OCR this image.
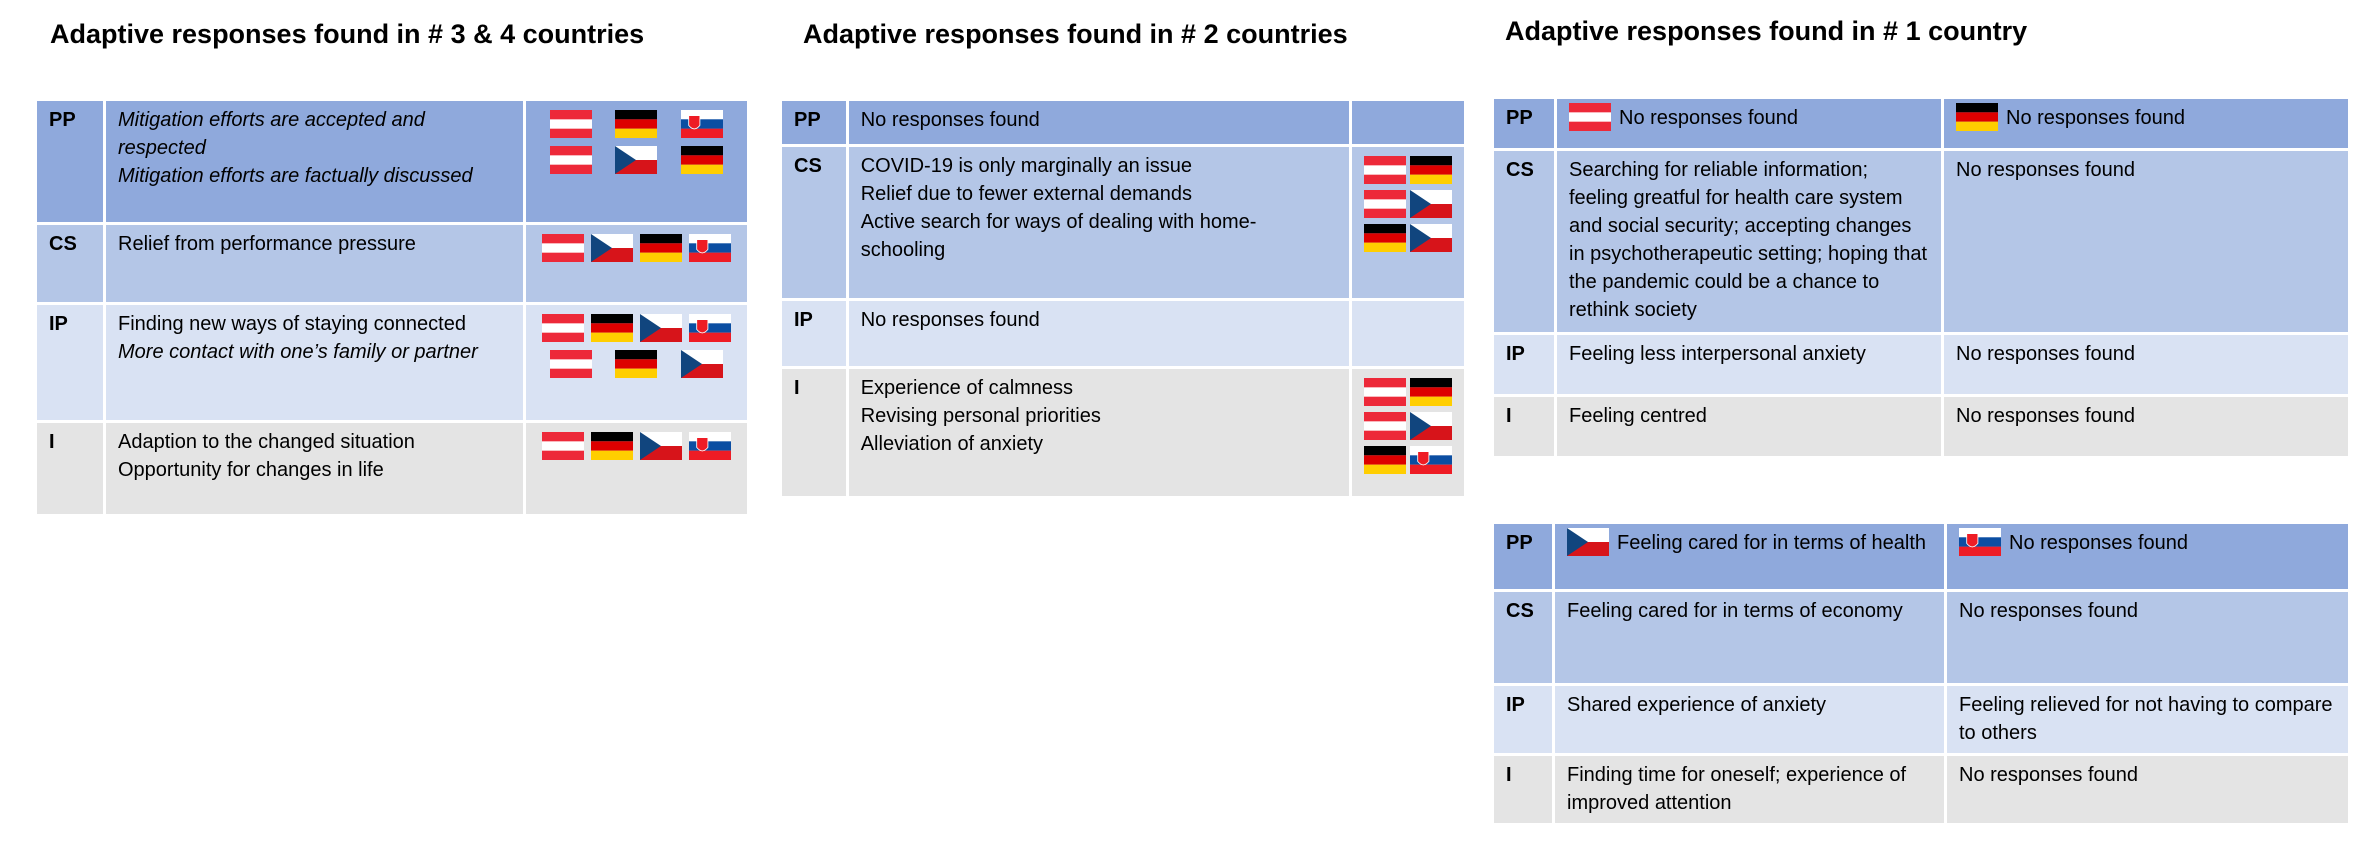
Adaptive responses found in # 3 & 4 countries	Adaptive responses found in # 2 countries	Adaptive responses found in # 1 country
PP	Mitigation efforts are accepted and respected
Mitigation efforts are factually discussed

CS	Relief from performance pressure

IP	Finding new ways of staying connected
More contact with one’s family or partner

I	Adaption to the changed situation
Opportunity for changes in life

PP	No responses found	

CS	COVID-19 is only marginally an issue
Relief due to fewer external demands
Active search for ways of dealing with home-schooling

IP	No responses found	

I	Experience of calmness
Revising personal priorities
Alleviation of anxiety

PP	No responses found	No responses found
CS	Searching for reliable information; feeling greatful for health care system and social security; accepting changes in psychotherapeutic setting; hoping that the pandemic could be a chance to rethink society	No responses found
IP	Feeling less interpersonal anxiety	No responses found
I	Feeling centred	No responses found
PP	Feeling cared for in terms of health	No responses found
CS	Feeling cared for in terms of economy	No responses found
IP	Shared experience of anxiety	Feeling relieved for not having to compare to others
I	Finding time for oneself; experience of improved attention	No responses found
